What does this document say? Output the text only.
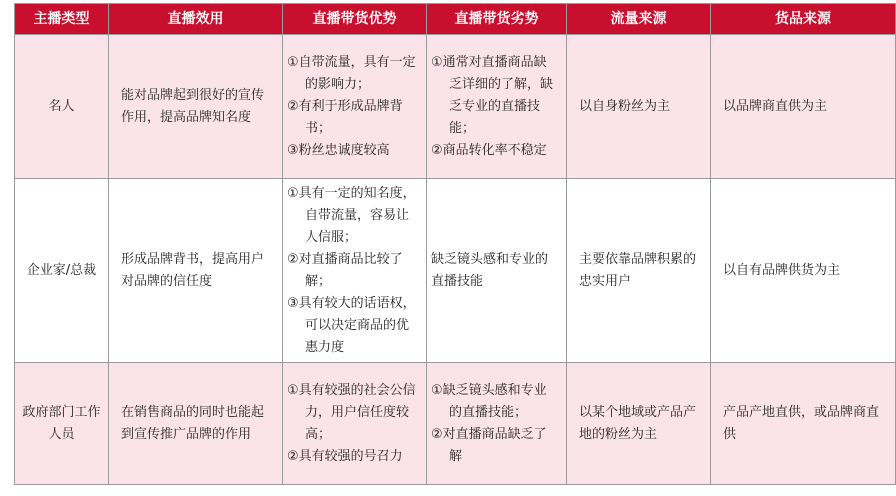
主播类型	直播效用	直播带货优势	直播带货劣势	流量来源	货品来源
名人	能对品牌起到很好的宣传作用，提高品牌知名度	①自带流量，具有一定的影响力；
②有利于形成品牌背书；
③粉丝忠诚度较高	①通常对直播商品缺乏详细的了解，缺乏专业的直播技能；
②商品转化率不稳定	以自身粉丝为主	以品牌商直供为主
企业家/总裁	形成品牌背书，提高用户对品牌的信任度	①具有一定的知名度，自带流量，容易让人信服；
②对直播商品比较了解；
③具有较大的话语权，可以决定商品的优惠力度	缺乏镜头感和专业的直播技能	主要依靠品牌积累的忠实用户	以自有品牌供货为主
政府部门工作人员	在销售商品的同时也能起到宣传推广品牌的作用	①具有较强的社会公信力，用户信任度较高；
②具有较强的号召力	①缺乏镜头感和专业的直播技能；
②对直播商品缺乏了解	以某个地域或产品产地的粉丝为主	产品产地直供，或品牌商直供
